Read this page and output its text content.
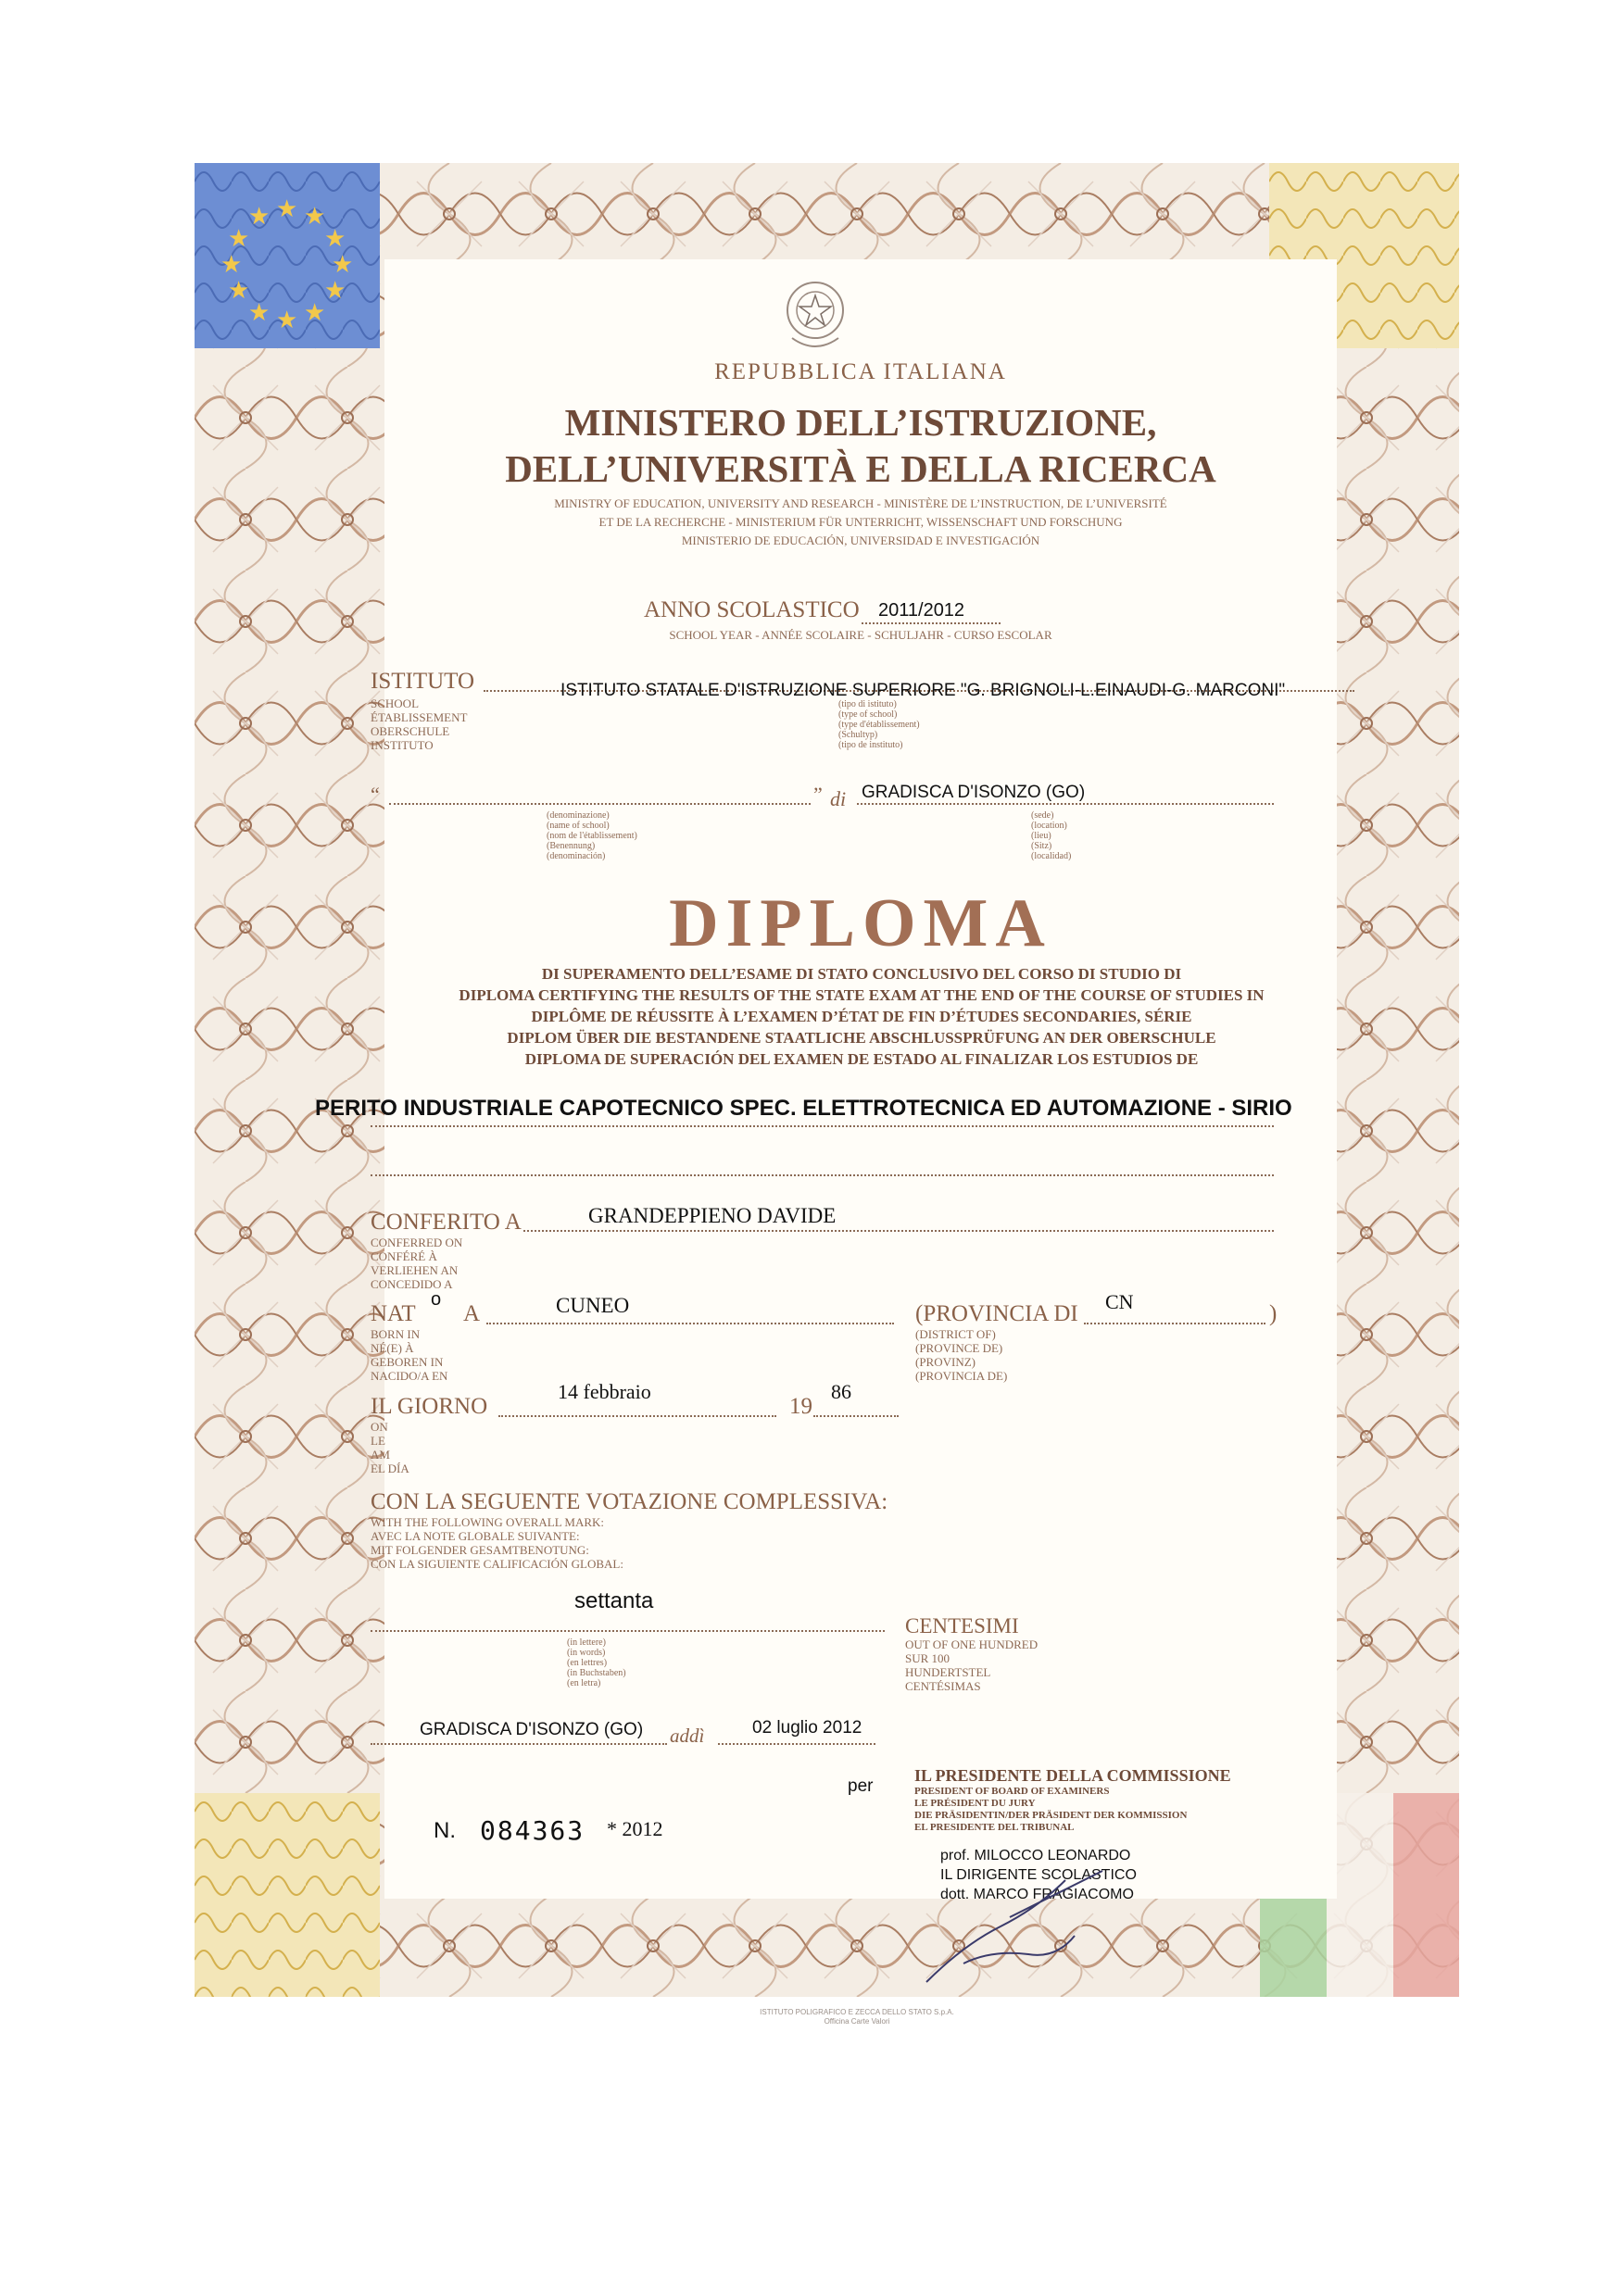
★ ★
★
★
★
★
★
★
★
★
★
★
REPUBBLICA ITALIANA
MINISTERO DELL’ISTRUZIONE,
DELL’UNIVERSITÀ E DELLA RICERCA
MINISTRY OF EDUCATION, UNIVERSITY AND RESEARCH - MINISTÈRE DE L’INSTRUCTION, DE L’UNIVERSITÉ
ET DE LA RECHERCHE - MINISTERIUM FÜR UNTERRICHT, WISSENSCHAFT UND FORSCHUNG
MINISTERIO DE EDUCACIÓN, UNIVERSIDAD E INVESTIGACIÓN
ANNO SCOLASTICO 2011/2012
SCHOOL YEAR - ANNÉE SCOLAIRE - SCHULJAHR - CURSO ESCOLAR
ISTITUTO
SCHOOL
ÉTABLISSEMENT
OBERSCHULE
INSTITUTO
ISTITUTO STATALE D'ISTRUZIONE SUPERIORE "G. BRIGNOLI-L.EINAUDI-G. MARCONI"
(tipo di istituto)
(type of school)
(type d'établissement)
(Schultyp)
(tipo de instituto)
“	” di GRADISCA D'ISONZO (GO)
(denominazione)
(name of school)
(nom de l'établissement)
(Benennung)
(denominación)
(sede)
(location)
(lieu)
(Sitz)
(localidad)
DIPLOMA
DI SUPERAMENTO DELL’ESAME DI STATO CONCLUSIVO DEL CORSO DI STUDIO DI
DIPLOMA CERTIFYING THE RESULTS OF THE STATE EXAM AT THE END OF THE COURSE OF STUDIES IN
DIPLÔME DE RÉUSSITE À L’EXAMEN D’ÉTAT DE FIN D’ÉTUDES SECONDARIES, SÉRIE
DIPLOM ÜBER DIE BESTANDENE STAATLICHE ABSCHLUSSPRÜFUNG AN DER OBERSCHULE
DIPLOMA DE SUPERACIÓN DEL EXAMEN DE ESTADO AL FINALIZAR LOS ESTUDIOS DE
PERITO INDUSTRIALE CAPOTECNICO SPEC. ELETTROTECNICA ED AUTOMAZIONE - SIRIO
CONFERITO A	GRANDEPPIENO DAVIDE
CONFERRED ON
CONFÉRÉ À
VERLIEHEN AN
CONCEDIDO A
NAT
o
A	CUNEO
BORN IN
NÉ(E) À
GEBOREN IN
NACIDO/A EN
(PROVINCIA DI CN	)
(DISTRICT OF)
(PROVINCE DE)
(PROVINZ)
(PROVINCIA DE)
IL GIORNO
14 febbraio
19
86
ON
LE
AM
EL DÍA
CON LA SEGUENTE VOTAZIONE COMPLESSIVA:
WITH THE FOLLOWING OVERALL MARK:
AVEC LA NOTE GLOBALE SUIVANTE:
MIT FOLGENDER GESAMTBENOTUNG:
CON LA SIGUIENTE CALIFICACIÓN GLOBAL:
settanta
(in lettere)
(in words)
(en lettres)
(in Buchstaben)
(en letra)
CENTESIMI
OUT OF ONE HUNDRED
SUR 100
HUNDERTSTEL
CENTÉSIMAS
GRADISCA D'ISONZO (GO) addì	02 luglio 2012
per
IL PRESIDENTE DELLA COMMISSIONE
PRESIDENT OF BOARD OF EXAMINERS
LE PRÉSIDENT DU JURY
DIE PRÄSIDENTIN/DER PRÄSIDENT DER KOMMISSION
EL PRESIDENTE DEL TRIBUNAL
prof. MILOCCO LEONARDO
IL DIRIGENTE SCOLASTICO
dott. MARCO FRAGIACOMO
N. 084363 * 2012
ISTITUTO POLIGRAFICO E ZECCA DELLO STATO S.p.A.
Officina Carte Valori
